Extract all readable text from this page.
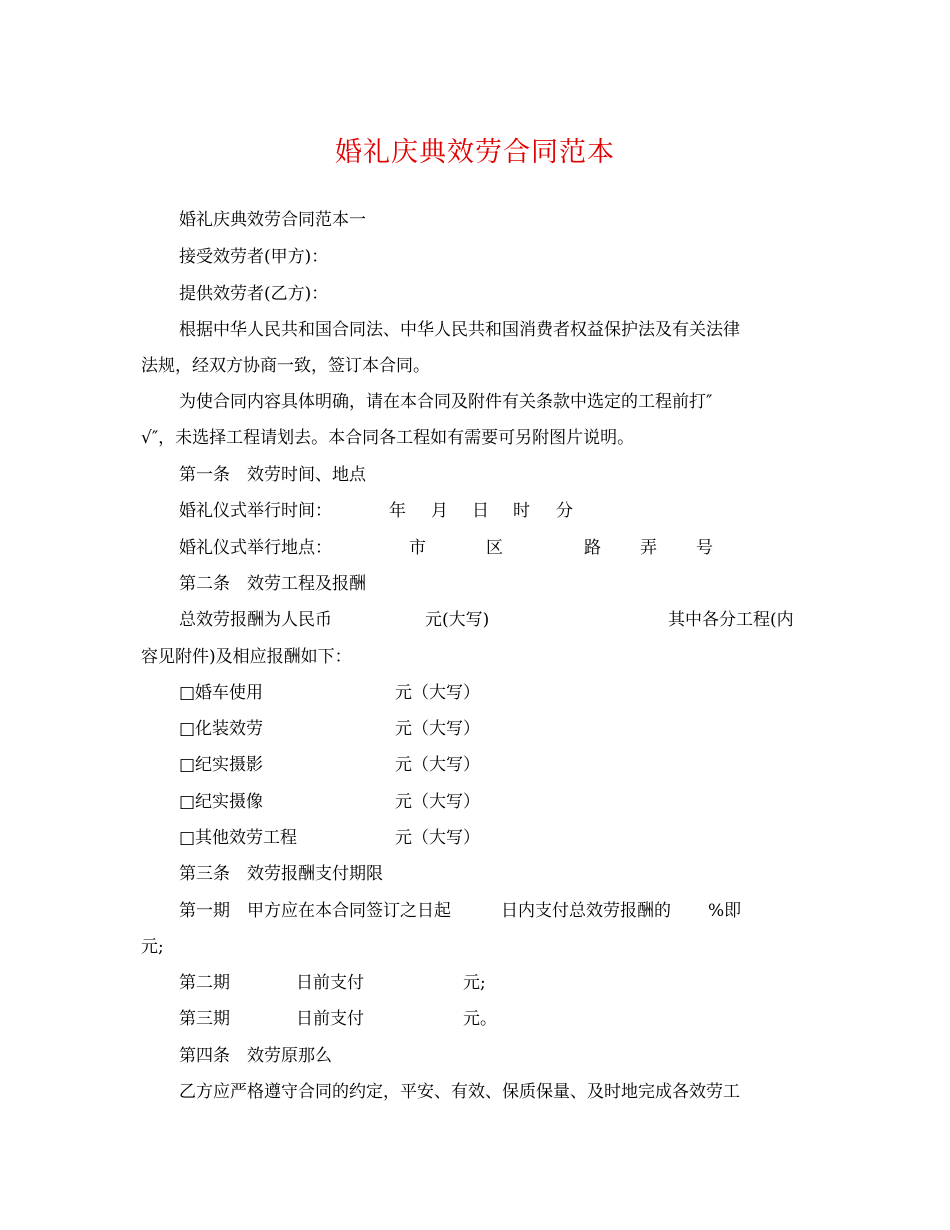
婚礼庆典效劳合同范本
婚礼庆典效劳合同范本一
接受效劳者(甲方)：
提供效劳者(乙方)：
根据中华人民共和国合同法、中华人民共和国消费者权益保护法及有关法律
法规，经双方协商一致，签订本合同。
为使合同内容具体明确，请在本合同及附件有关条款中选定的工程前打″
√″，未选择工程请划去。本合同各工程如有需要可另附图片说明。
第一条　效劳时间、地点
婚礼仪式举行时间：	年 月 日 时 分
婚礼仪式举行地点：	市	区	路 弄 号
第二条　效劳工程及报酬
总效劳报酬为人民币	元(大写)	其中各分工程(内
容见附件)及相应报酬如下：
□婚车使用	元（大写）
□化装效劳	元（大写）
□纪实摄影	元（大写）
□纪实摄像	元（大写）
□其他效劳工程	元（大写）
第三条　效劳报酬支付期限
第一期　甲方应在本合同签订之日起	日内支付总效劳报酬的 %即
元;
第二期	日前支付	元;
第三期	日前支付	元。
第四条　效劳原那么
乙方应严格遵守合同的约定，平安、有效、保质保量、及时地完成各效劳工
